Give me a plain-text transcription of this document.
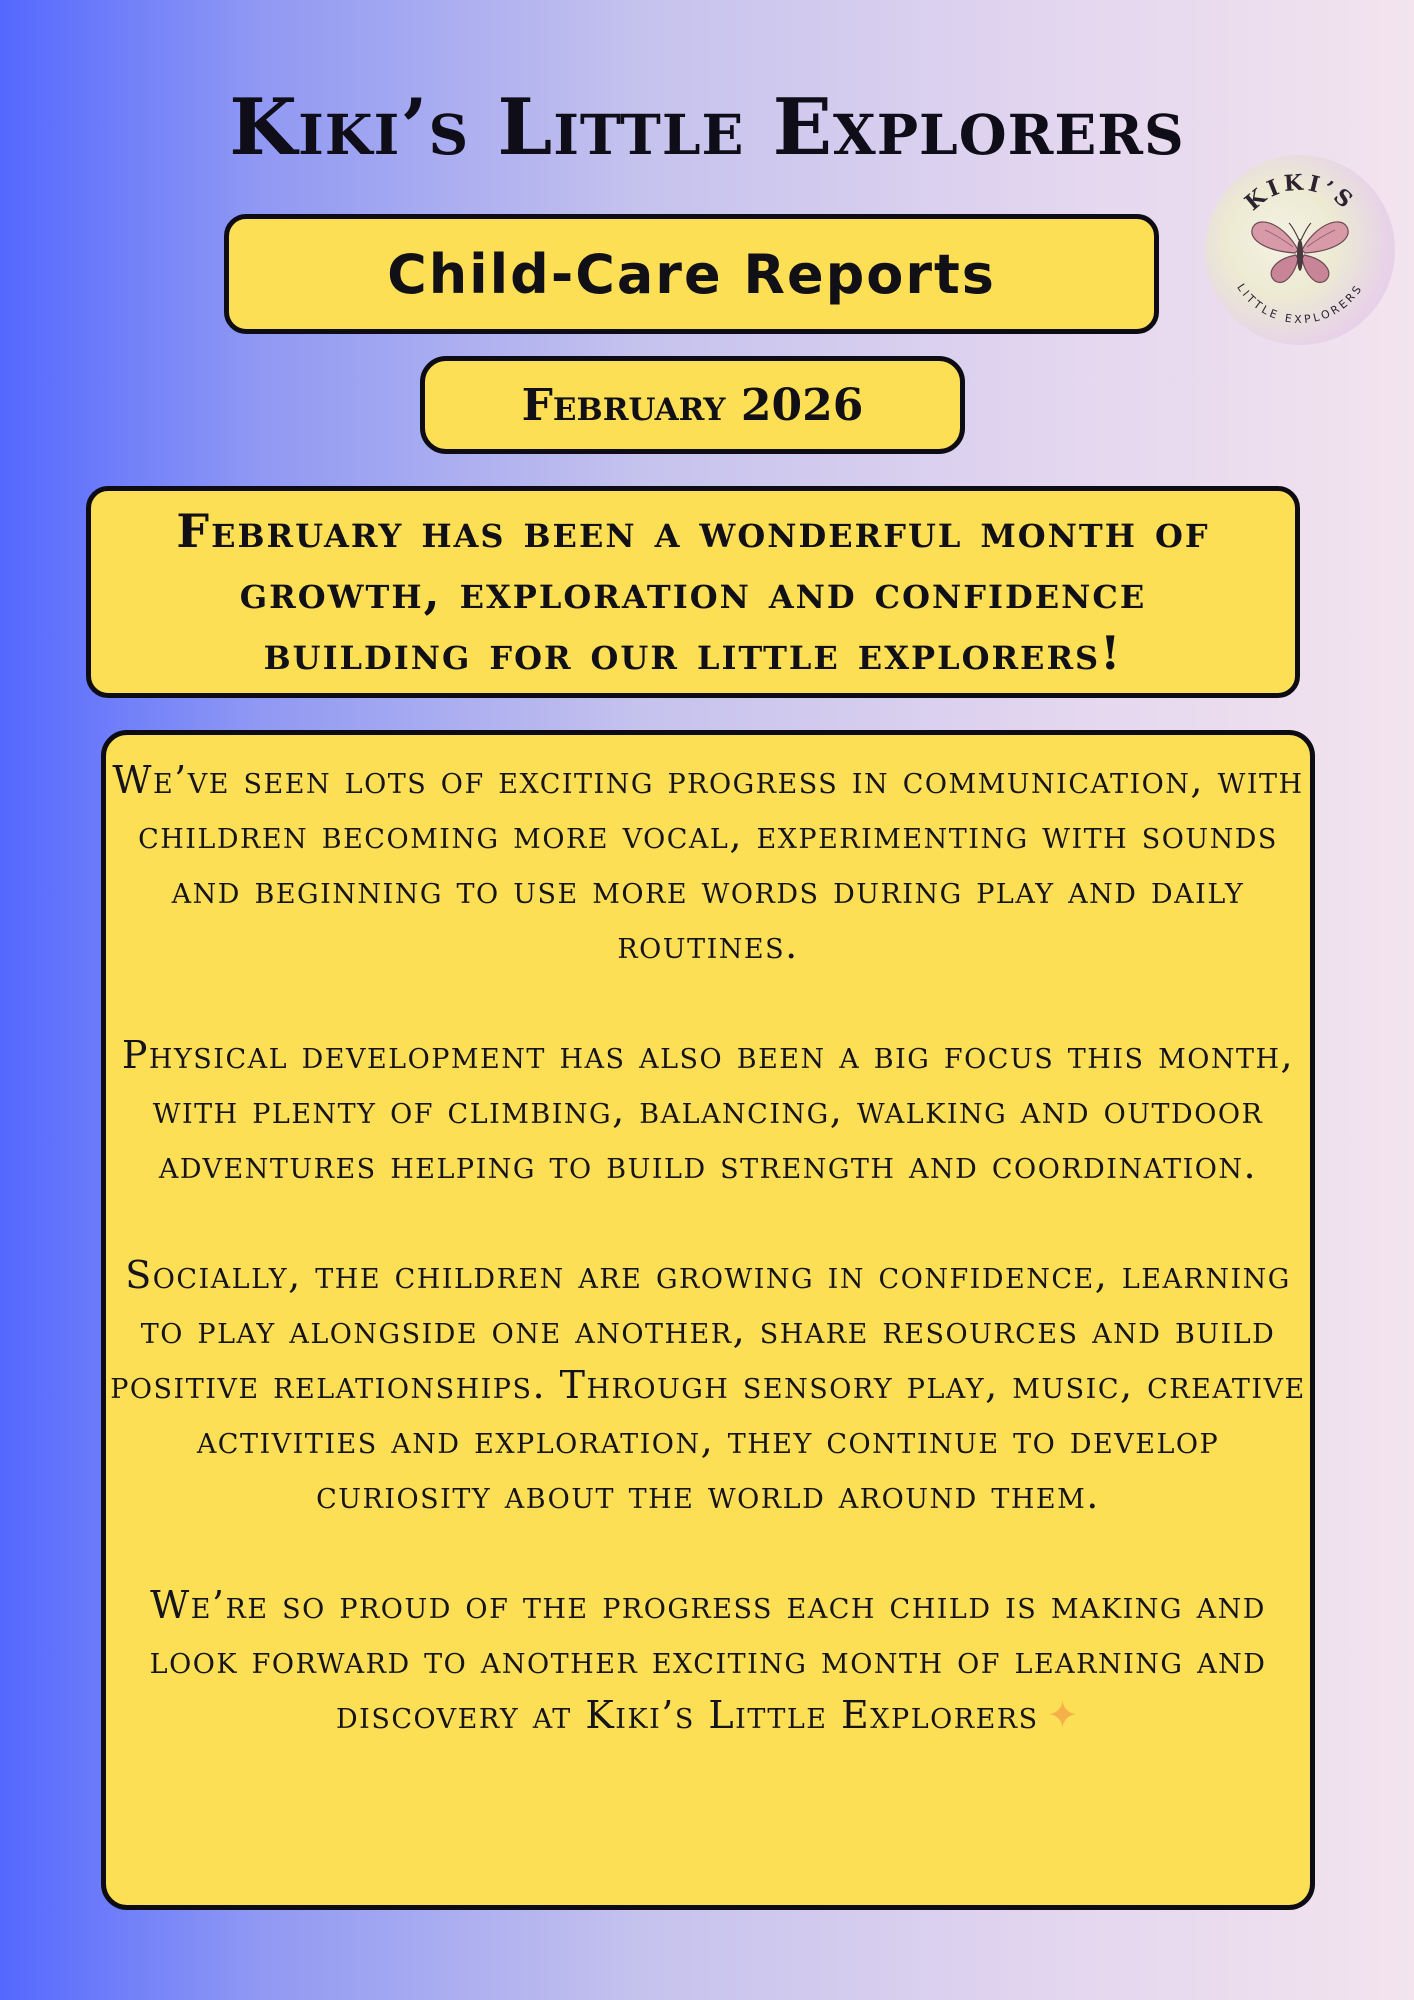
Kiki’s Little Explorers
KIKI’S
LITTLE EXPLORERS
Child-Care Reports
February 2026

February has been a wonderful month of growth, exploration and confidence building for our little explorers!

We’ve seen lots of exciting progress in communication, with children becoming more vocal, experimenting with sounds and beginning to use more words during play and daily routines.

Physical development has also been a big focus this month, with plenty of climbing, balancing, walking and outdoor adventures helping to build strength and coordination.

Socially, the children are growing in confidence, learning to play alongside one another, share resources and build positive relationships. Through sensory play, music, creative activities and exploration, they continue to develop curiosity about the world around them.

We’re so proud of the progress each child is making and look forward to another exciting month of learning and discovery at Kiki’s Little Explorers ✦
